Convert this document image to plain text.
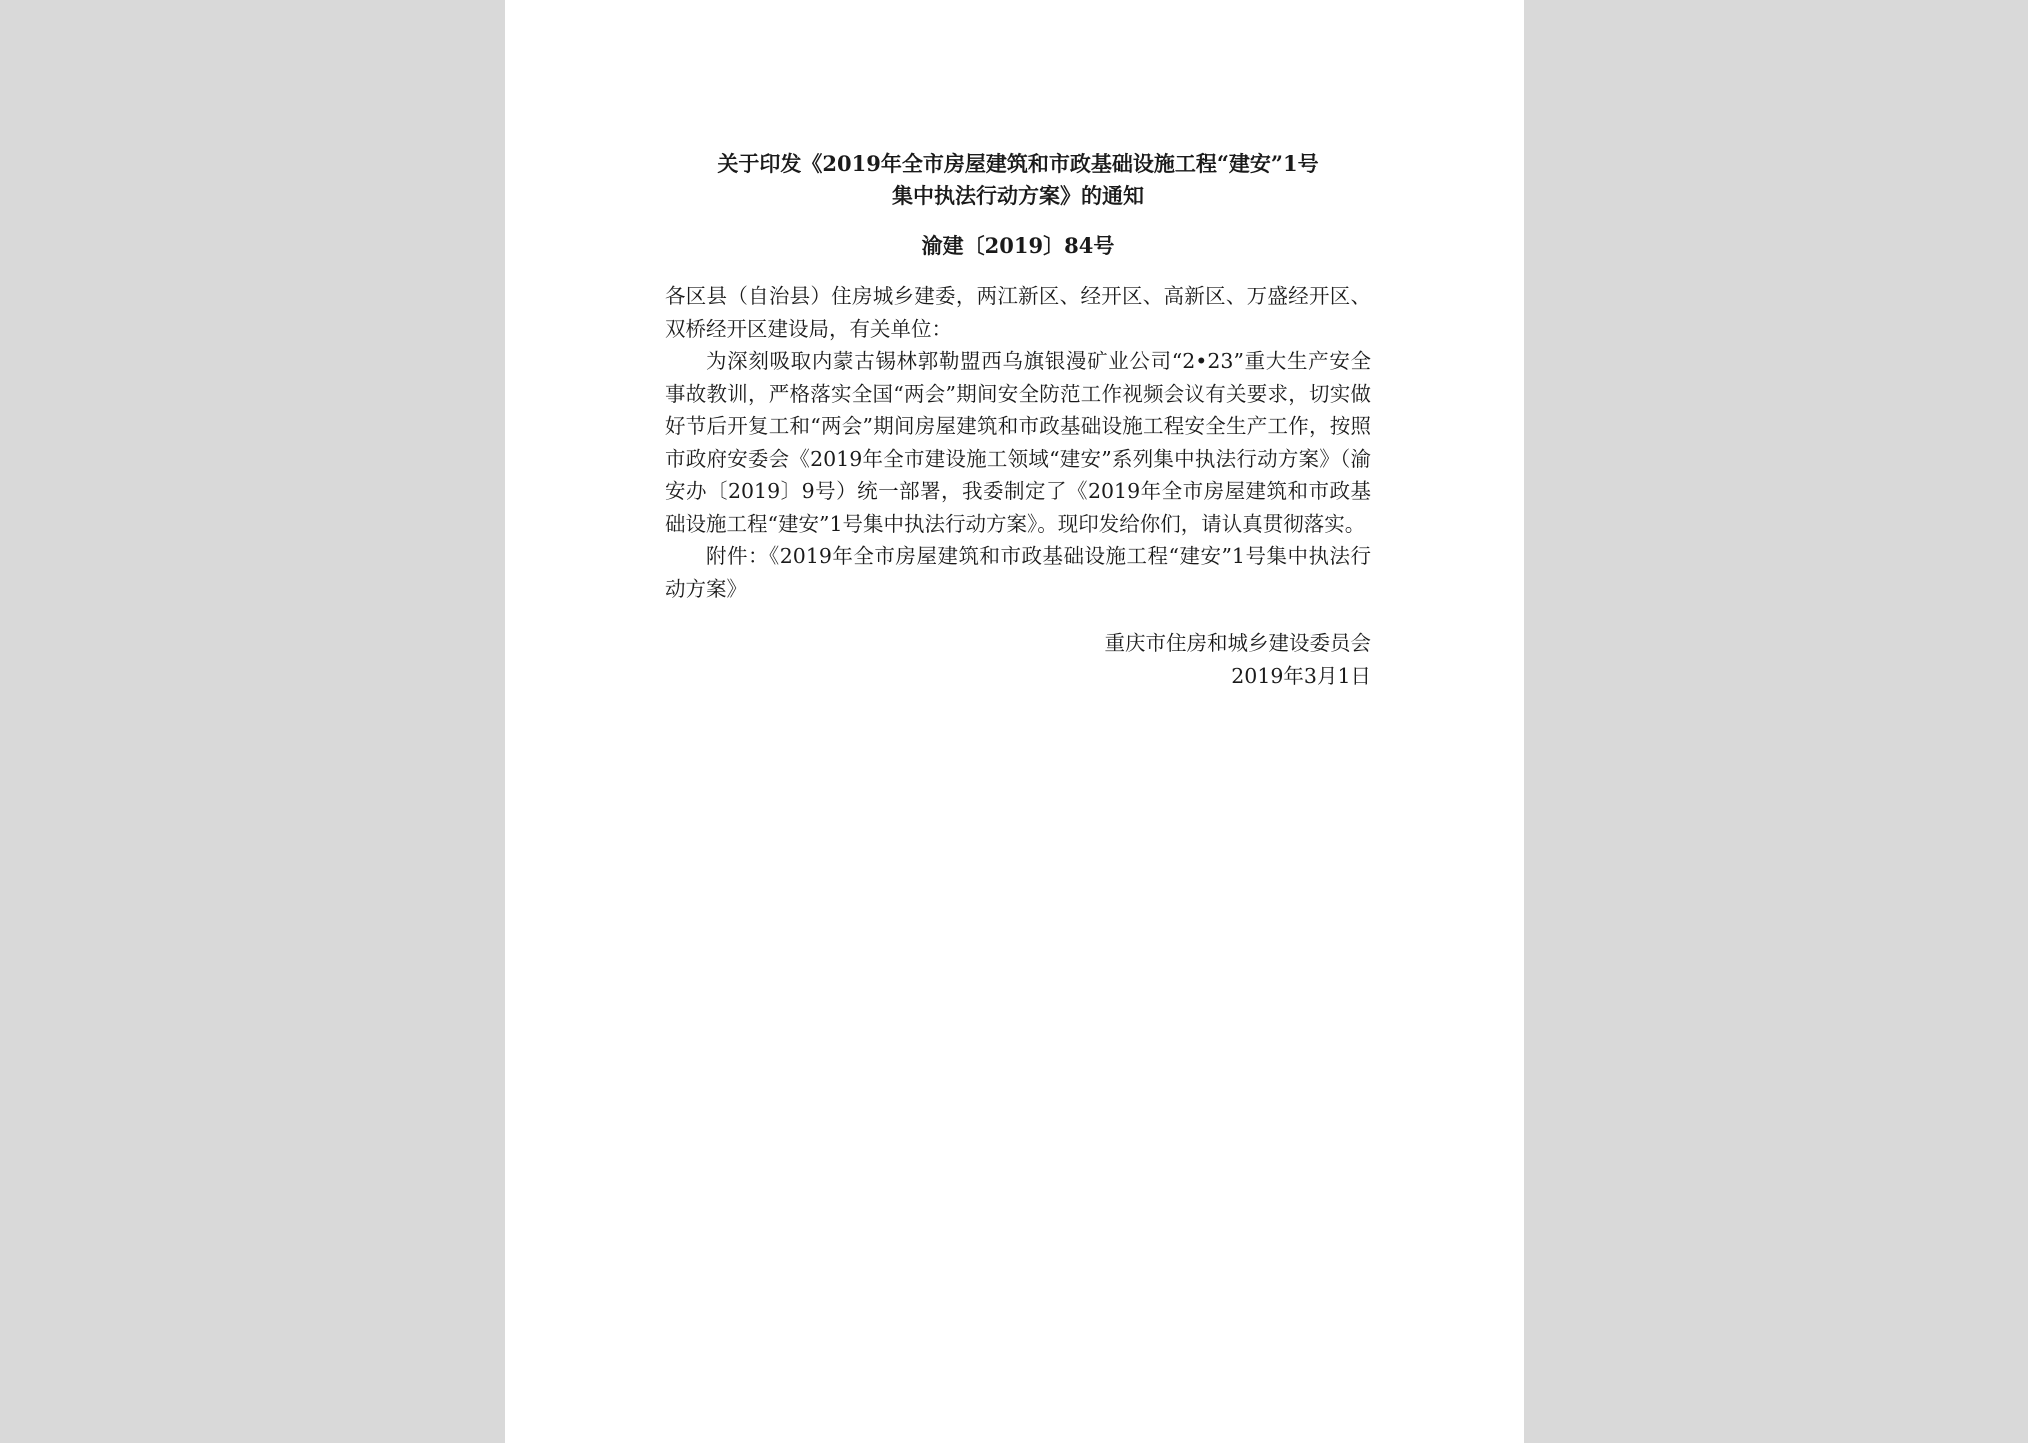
关于印发《2019年全市房屋建筑和市政基础设施工程“建安”1号
集中执法行动方案》的通知

渝建〔2019〕84号

各区县（自治县）住房城乡建委，两江新区、经开区、高新区、万盛经开区、双桥经开区建设局，有关单位：

为深刻吸取内蒙古锡林郭勒盟西乌旗银漫矿业公司“2•23”重大生产安全事故教训，严格落实全国“两会”期间安全防范工作视频会议有关要求，切实做好节后开复工和“两会”期间房屋建筑和市政基础设施工程安全生产工作，按照市政府安委会《2019年全市建设施工领域“建安”系列集中执法行动方案》（渝安办〔2019〕9号）统一部署，我委制定了《2019年全市房屋建筑和市政基础设施工程“建安”1号集中执法行动方案》。现印发给你们，请认真贯彻落实。

附件：《2019年全市房屋建筑和市政基础设施工程“建安”1号集中执法行动方案》

重庆市住房和城乡建设委员会
2019年3月1日
